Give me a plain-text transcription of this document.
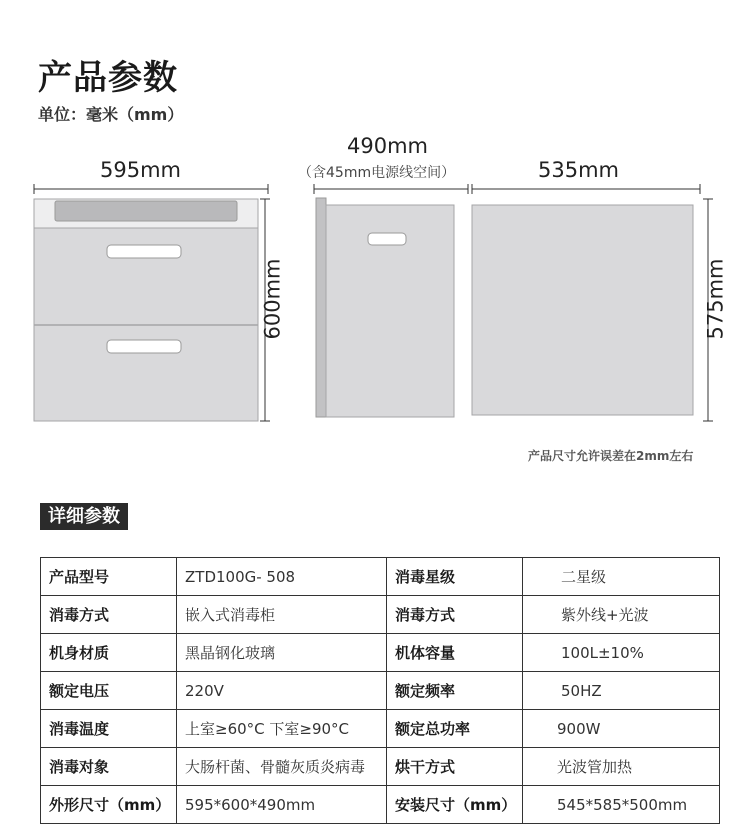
产品参数
单位：毫米（mm）
595mm
600mm
490mm
（含45mm电源线空间）	535mm
575mm
产品尺寸允许误差在2mm左右
详细参数
产品型号	ZTD100G- 508	消毒星级	二星级
消毒方式	嵌入式消毒柜	消毒方式	紫外线+光波
机身材质	黑晶钢化玻璃	机体容量	100L±10%
额定电压	220V	额定频率	50HZ
消毒温度	上室≥60°C 下室≥90°C	额定总功率	900W
消毒对象	大肠杆菌、骨髓灰质炎病毒	烘干方式	光波管加热
外形尺寸（mm）	595*600*490mm	安装尺寸（mm）	545*585*500mm
